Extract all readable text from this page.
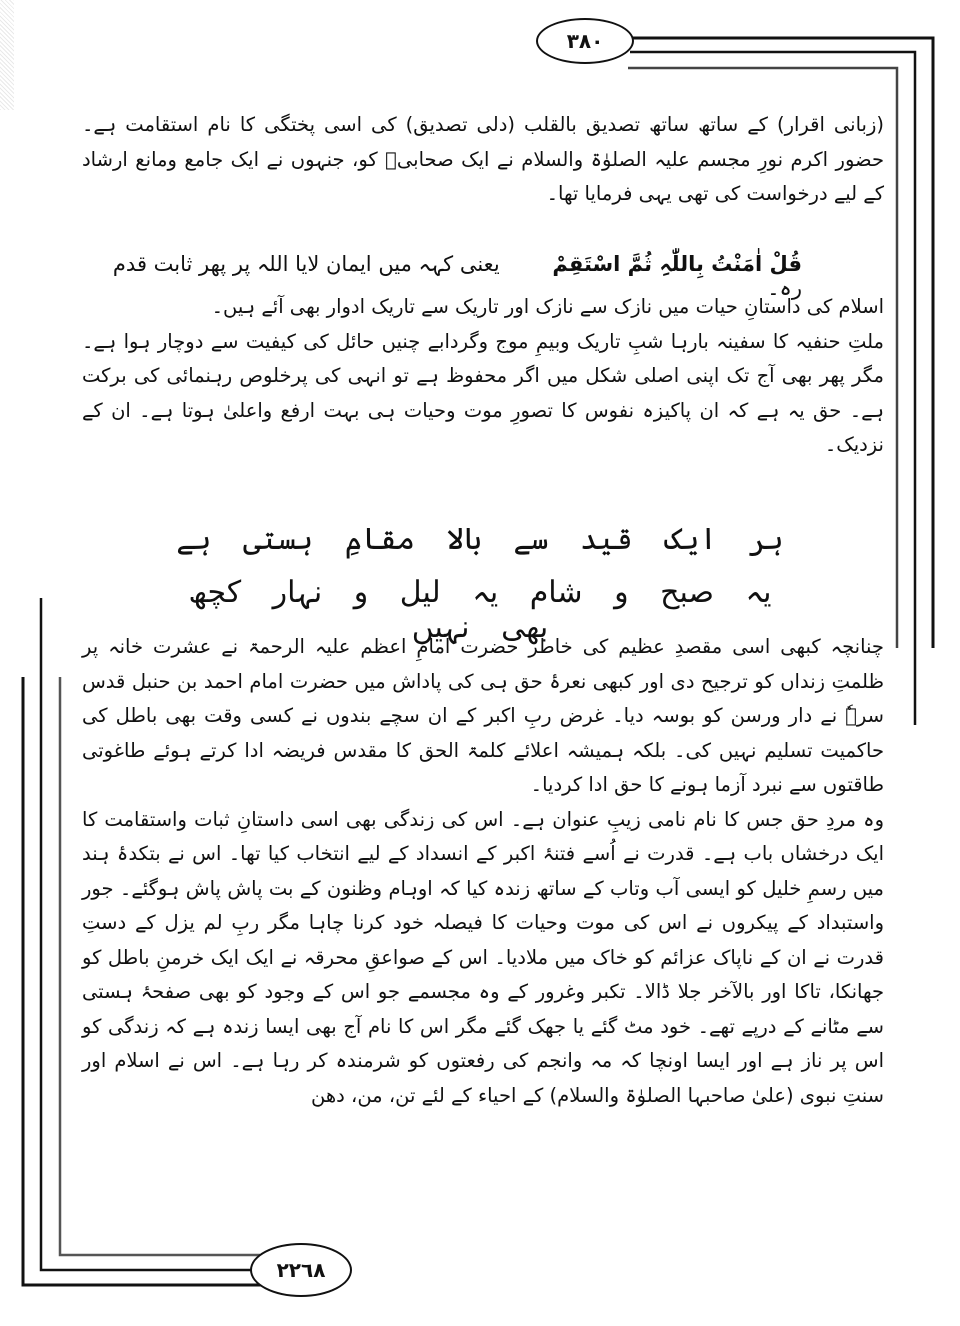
٣٨٠
٢٢٦٨

(زبانی اقرار) کے ساتھ ساتھ تصدیق بالقلب (دلی تصدیق) کی اسی پختگی کا نام استقامت ہے۔ حضور اکرم نورِ مجسم علیہ الصلوٰۃ والسلام نے ایک صحابیؓ کو، جنہوں نے ایک جامع ومانع ارشاد کے لیے درخواست کی تھی یہی فرمایا تھا۔

قُلْ اٰمَنْتُ بِاللّٰہِ ثُمَّ اسْتَقِمْ یعنی کہہ میں ایمان لایا اللہ پر پھر ثابت قدم رہ۔

اسلام کی داستانِ حیات میں نازک سے نازک اور تاریک سے تاریک ادوار بھی آئے ہیں۔

ملتِ حنفیہ کا سفینہ بارہا شبِ تاریک وبیمِ موج وگردابے چنیں حائل کی کیفیت سے دوچار ہوا ہے۔ مگر پھر بھی آج تک اپنی اصلی شکل میں اگر محفوظ ہے تو انہی کی پرخلوص رہنمائی کی برکت ہے۔ حق یہ ہے کہ ان پاکیزہ نفوس کا تصورِ موت وحیات ہی بہت ارفع واعلیٰ ہوتا ہے۔ ان کے نزدیک۔

ہر ایک قید سے بالا مقامِ ہستی ہے
یہ صبح و شام یہ لیل و نہار کچھ بھی نہیں

چنانچہ کبھی اسی مقصدِ عظیم کی خاطر حضرت امامِ اعظم علیہ الرحمۃ نے عشرت خانہ پر ظلمتِ زنداں کو ترجیح دی اور کبھی نعرۂ حق ہی کی پاداش میں حضرت امام احمد بن حنبل قدس سرہٗ نے دار ورسن کو بوسہ دیا۔ غرض ربِ اکبر کے ان سچے بندوں نے کسی وقت بھی باطل کی حاکمیت تسلیم نہیں کی۔ بلکہ ہمیشہ اعلائے کلمۃ الحق کا مقدس فریضہ ادا کرتے ہوئے طاغوتی طاقتوں سے نبرد آزما ہونے کا حق ادا کردیا۔

وہ مردِ حق جس کا نام نامی زیبِ عنوان ہے۔ اس کی زندگی بھی اسی داستانِ ثبات واستقامت کا ایک درخشاں باب ہے۔ قدرت نے اُسے فتنۂ اکبر کے انسداد کے لیے انتخاب کیا تھا۔ اس نے بتکدۂ ہند میں رسمِ خلیل کو ایسی آب وتاب کے ساتھ زندہ کیا کہ اوہام وظنون کے بت پاش پاش ہوگئے۔ جور واستبداد کے پیکروں نے اس کی موت وحیات کا فیصلہ خود کرنا چاہا مگر ربِ لم یزل کے دستِ قدرت نے ان کے ناپاک عزائم کو خاک میں ملادیا۔ اس کے صواعقِ محرقہ نے ایک ایک خرمنِ باطل کو جھانکا، تاکا اور بالآخر جلا ڈالا۔ تکبر وغرور کے وہ مجسمے جو اس کے وجود کو بھی صفحۂ ہستی سے مٹانے کے درپے تھے۔ خود مٹ گئے یا جھک گئے مگر اس کا نام آج بھی ایسا زندہ ہے کہ زندگی کو اس پر ناز ہے اور ایسا اونچا کہ مہ وانجم کی رفعتوں کو شرمندہ کر رہا ہے۔ اس نے اسلام اور سنتِ نبوی (علیٰ صاحبہا الصلوٰۃ والسلام) کے احیاء کے لئے تن، من، دھن
